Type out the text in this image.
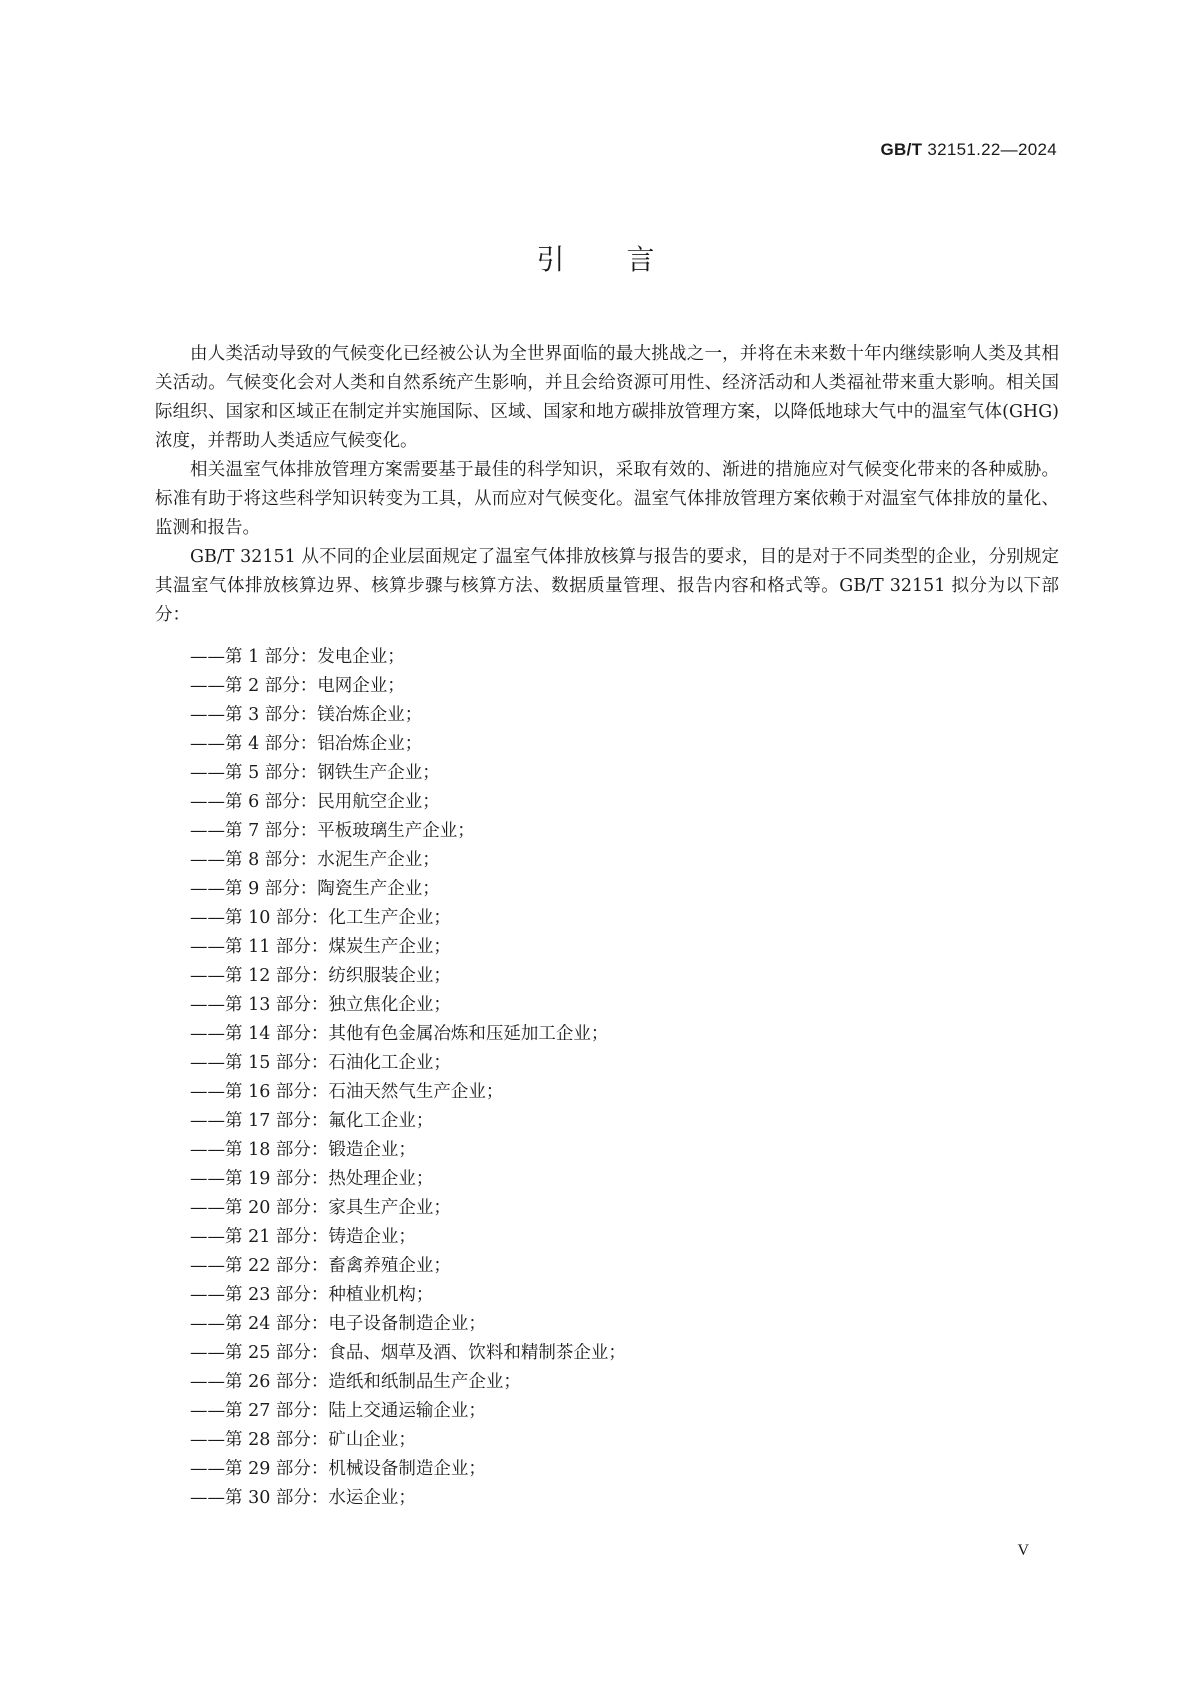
GB/T 32151.22—2024
引言

由人类活动导致的气候变化已经被公认为全世界面临的最大挑战之一，并将在未来数十年内继续影响人类及其相关活动。气候变化会对人类和自然系统产生影响，并且会给资源可用性、经济活动和人类福祉带来重大影响。相关国际组织、国家和区域正在制定并实施国际、区域、国家和地方碳排放管理方案，以降低地球大气中的温室气体(GHG)浓度，并帮助人类适应气候变化。

相关温室气体排放管理方案需要基于最佳的科学知识，采取有效的、渐进的措施应对气候变化带来的各种威胁。标准有助于将这些科学知识转变为工具，从而应对气候变化。温室气体排放管理方案依赖于对温室气体排放的量化、监测和报告。

GB/T 32151 从不同的企业层面规定了温室气体排放核算与报告的要求，目的是对于不同类型的企业，分别规定其温室气体排放核算边界、核算步骤与核算方法、数据质量管理、报告内容和格式等。GB/T 32151 拟分为以下部分：

——第 1 部分：发电企业；
——第 2 部分：电网企业；
——第 3 部分：镁冶炼企业；
——第 4 部分：铝冶炼企业；
——第 5 部分：钢铁生产企业；
——第 6 部分：民用航空企业；
——第 7 部分：平板玻璃生产企业；
——第 8 部分：水泥生产企业；
——第 9 部分：陶瓷生产企业；
——第 10 部分：化工生产企业；
——第 11 部分：煤炭生产企业；
——第 12 部分：纺织服装企业；
——第 13 部分：独立焦化企业；
——第 14 部分：其他有色金属冶炼和压延加工企业；
——第 15 部分：石油化工企业；
——第 16 部分：石油天然气生产企业；
——第 17 部分：氟化工企业；
——第 18 部分：锻造企业；
——第 19 部分：热处理企业；
——第 20 部分：家具生产企业；
——第 21 部分：铸造企业；
——第 22 部分：畜禽养殖企业；
——第 23 部分：种植业机构；
——第 24 部分：电子设备制造企业；
——第 25 部分：食品、烟草及酒、饮料和精制茶企业；
——第 26 部分：造纸和纸制品生产企业；
——第 27 部分：陆上交通运输企业；
——第 28 部分：矿山企业；
——第 29 部分：机械设备制造企业；
——第 30 部分：水运企业；
V
